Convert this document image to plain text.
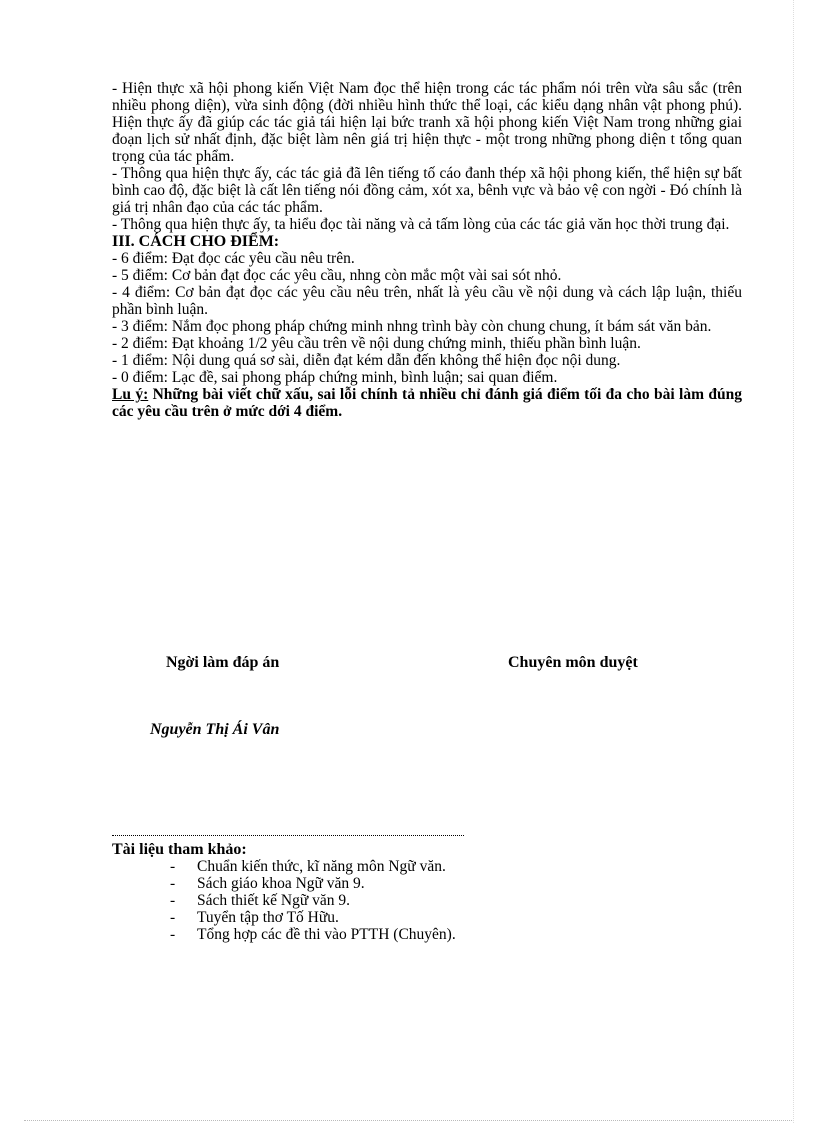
- Hiện thực xã hội phong kiến Việt Nam đọc thể hiện trong các tác phẩm nói trên vừa sâu sắc (trên nhiều phong diện), vừa sinh động (đời nhiều hình thức thể loại, các kiểu dạng nhân vật phong phú). Hiện thực ấy đã giúp các tác giả tái hiện lại bức tranh xã hội phong kiến Việt Nam trong những giai đoạn lịch sử nhất định, đặc biệt làm nên giá trị hiện thực - một trong những phong diện t tổng quan trọng của tác phẩm.

- Thông qua hiện thực ấy, các tác giả đã lên tiếng tố cáo đanh thép xã hội phong kiến, thể hiện sự bất bình cao độ, đặc biệt là cất lên tiếng nói đồng cảm, xót xa, bênh vực và bảo vệ con ngời - Đó chính là giá trị nhân đạo của các tác phẩm.

- Thông qua hiện thực ấy, ta hiểu đọc tài năng và cả tấm lòng của các tác giả văn học thời trung đại.

III. CÁCH CHO ĐIỂM:

- 6 điểm: Đạt đọc các yêu cầu nêu trên.

- 5 điểm: Cơ bản đạt đọc các yêu cầu, nhng còn mắc một vài sai sót nhỏ.

- 4 điểm: Cơ bản đạt đọc các yêu cầu nêu trên, nhất là yêu cầu về nội dung và cách lập luận, thiếu phần bình luận.

- 3 điểm: Nắm đọc phong pháp chứng minh nhng trình bày còn chung chung, ít bám sát văn bản.

- 2 điểm: Đạt khoảng 1/2 yêu cầu trên về nội dung chứng minh, thiếu phần bình luận.

- 1 điểm: Nội dung quá sơ sài, diễn đạt kém dẫn đến không thể hiện đọc nội dung.

- 0 điểm: Lạc đề, sai phong pháp chứng minh, bình luận; sai quan điểm.

Lu ý: Những bài viết chữ xấu, sai lỗi chính tả nhiều chỉ đánh giá điểm tối đa cho bài làm đúng các yêu cầu trên ở mức dới 4 điểm.

Ngời làm đáp án	Chuyên môn duyệt
Nguyễn Thị Ái Vân
Tài liệu tham khảo:
-	Chuẩn kiến thức, kĩ năng môn Ngữ văn.
-	Sách giáo khoa Ngữ văn 9.
-	Sách thiết kế Ngữ văn 9.
-	Tuyển tập thơ Tố Hữu.
-	Tổng hợp các đề thi vào PTTH (Chuyên).
